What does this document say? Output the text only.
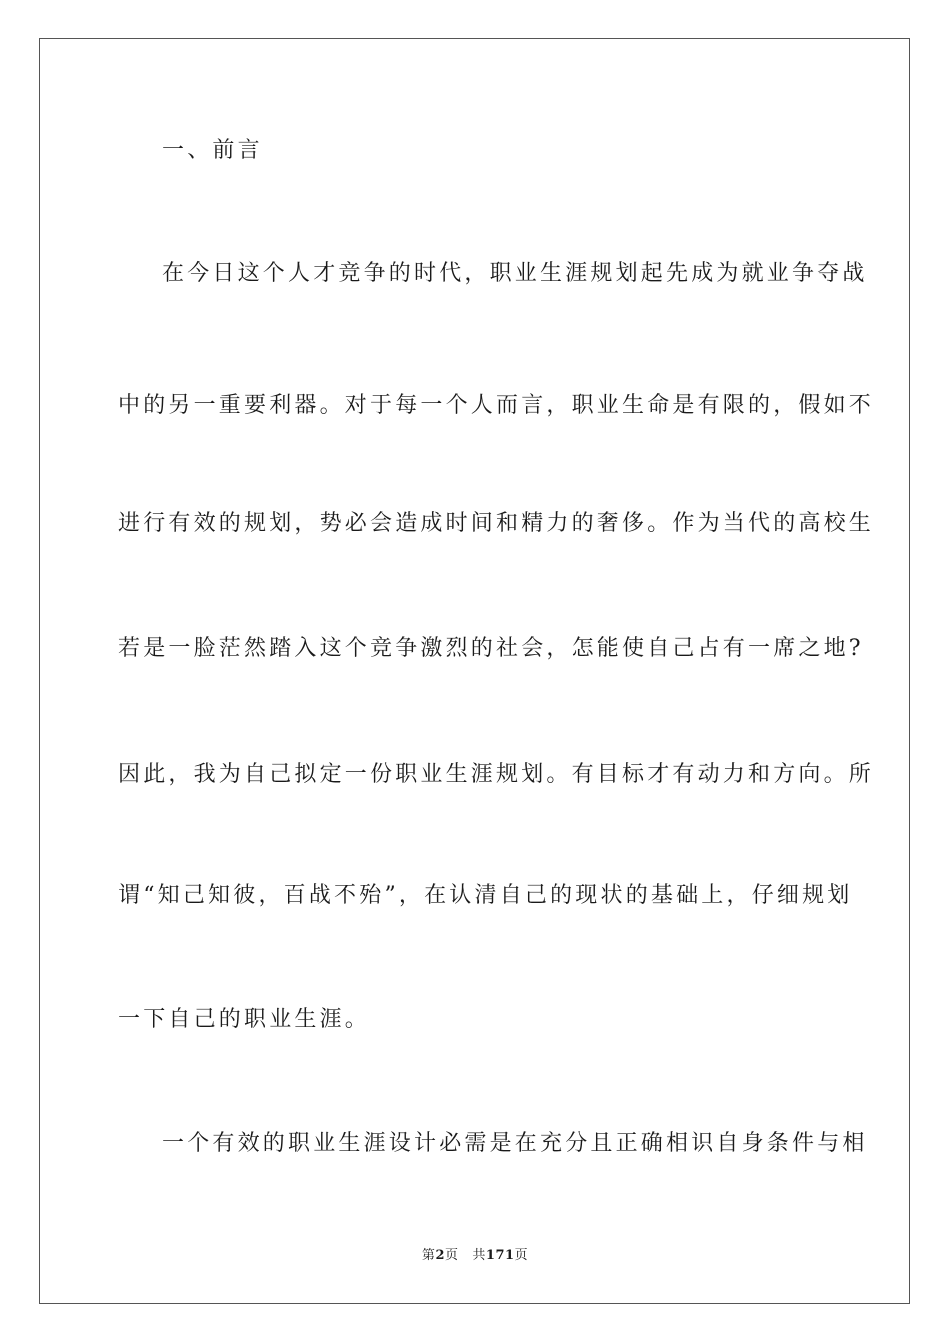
一、前言
在今日这个人才竞争的时代，职业生涯规划起先成为就业争夺战
中的另一重要利器。对于每一个人而言，职业生命是有限的，假如不
进行有效的规划，势必会造成时间和精力的奢侈。作为当代的高校生
若是一脸茫然踏入这个竞争激烈的社会，怎能使自己占有一席之地?
因此，我为自己拟定一份职业生涯规划。有目标才有动力和方向。所
谓“知己知彼，百战不殆”，在认清自己的现状的基础上，仔细规划
一下自己的职业生涯。
一个有效的职业生涯设计必需是在充分且正确相识自身条件与相
第2页 共171页
